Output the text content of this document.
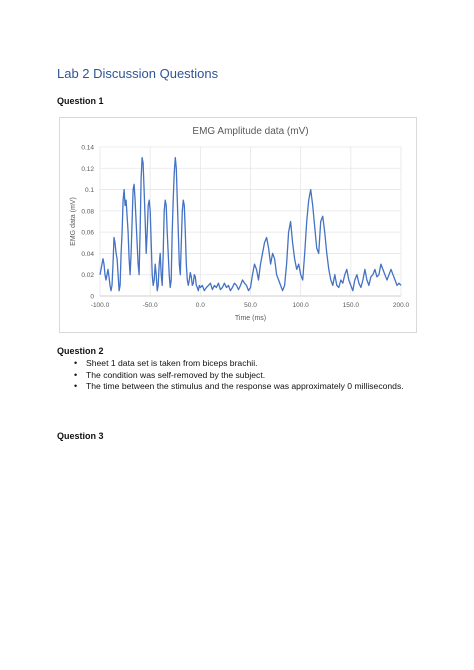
Lab 2 Discussion Questions
Question 1
EMG Amplitude data (mV)
0
0.02
0.04
0.06
0.08
0.1
0.12
0.14
-100.0	-50.0	0.0	50.0	100.0	150.0	200.0
Time (ms)
EMG data (mV)
Question 2
• Sheet 1 data set is taken from biceps brachii.
• The condition was self-removed by the subject.
• The time between the stimulus and the response was approximately 0 milliseconds.
Question 3
